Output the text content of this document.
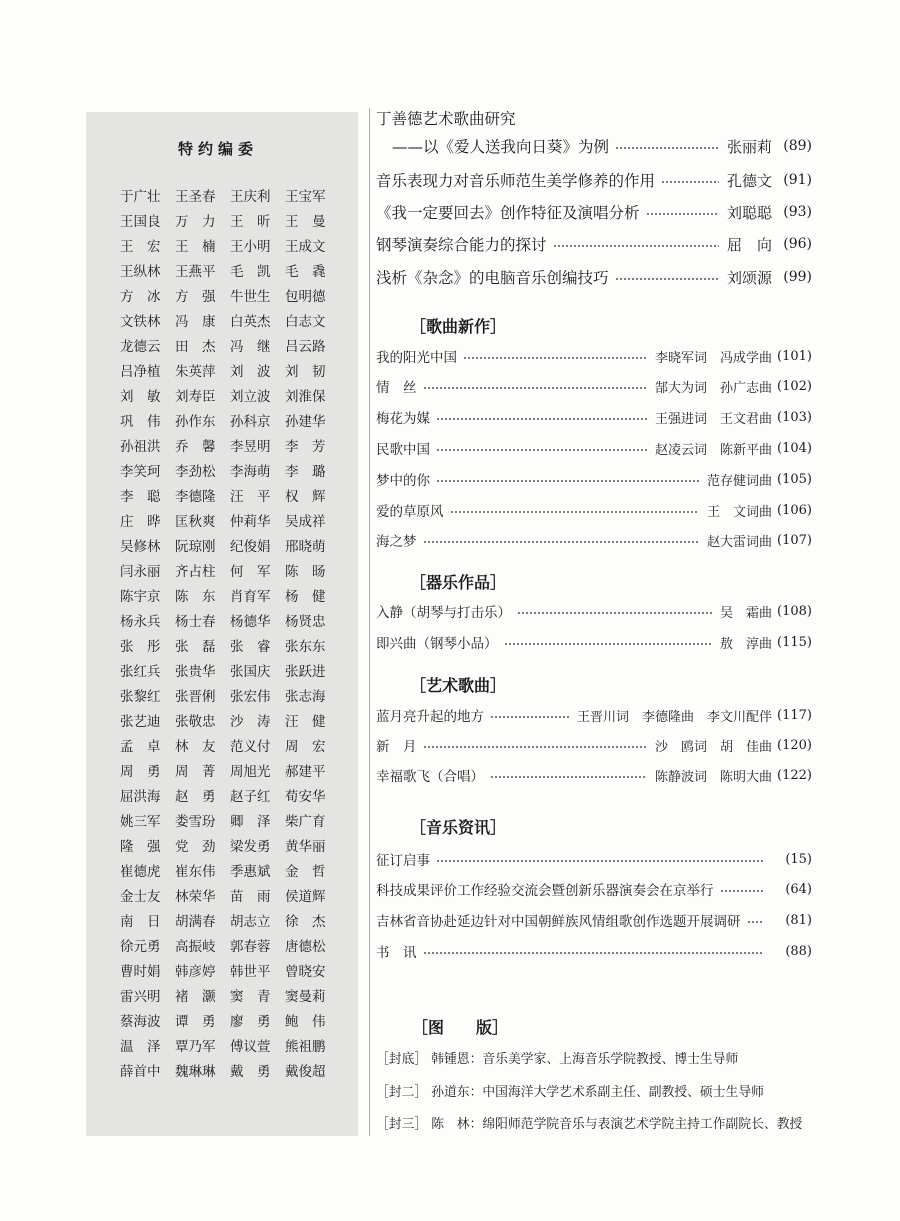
特约编委
于广壮 王圣春 王庆利 王宝军
王国良 万　力 王　昕 王　曼
王　宏 王　楠 王小明 王成文
王纵林 王燕平 毛　凯 毛　毳
方　冰 方　强 牛世生 包明德
文铁林 冯　康 白英杰 白志文
龙德云 田　杰 冯　继 吕云路
吕净植 朱英萍 刘　波 刘　韧
刘　敏 刘寿臣 刘立波 刘淮保
巩　伟 孙作东 孙科京 孙建华
孙祖洪 乔　馨 李昱明 李　芳
李笑珂 李劲松 李海萌 李　璐
李　聪 李德隆 汪　平 权　辉
庄　晔 匡秋爽 仲莉华 吴成祥
吴修林 阮琼刚 纪俊娟 邢晓萌
闫永丽 齐占柱 何　军 陈　旸
陈宇京 陈　东 肖育军 杨　健
杨永兵 杨士春 杨德华 杨贤忠
张　彤 张　磊 张　睿 张东东
张红兵 张贵华 张国庆 张跃进
张黎红 张晋俐 张宏伟 张志海
张艺迪 张敬忠 沙　涛 汪　健
孟　卓 林　友 范义付 周　宏
周　勇 周　菁 周旭光 郝建平
屈洪海 赵　勇 赵子红 荀安华
姚三军 娄雪玢 卿　泽 柴广育
隆　强 党　劲 梁发勇 黄华丽
崔德虎 崔东伟 季惠斌 金　哲
金士友 林荣华 苗　雨 侯道辉
南　日 胡满春 胡志立 徐　杰
徐元勇 高振岐 郭春蓉 唐德松
曹时娟 韩彦婷 韩世平 曾晓安
雷兴明 褚　灏 窦　青 窦曼莉
蔡海波 谭　勇 廖　勇 鲍　伟
温　泽 覃乃军 傅议萱 熊祖鹏
薛首中 魏琳琳 戴　勇 戴俊超
丁善德艺术歌曲研究
——以《爱人送我向日葵》为例	张丽莉 (89)
音乐表现力对音乐师范生美学修养的作用	孔德文 (91)
《我一定要回去》创作特征及演唱分析	刘聪聪 (93)
钢琴演奏综合能力的探讨	屈　向 (96)
浅析《杂念》的电脑音乐创编技巧	刘颂源 (99)
［歌曲新作］
我的阳光中国	李晓军词　冯成学曲 (101)
情　丝	郜大为词　孙广志曲 (102)
梅花为媒	王强进词　王文君曲 (103)
民歌中国	赵凌云词　陈新平曲 (104)
梦中的你	范存健词曲 (105)
爱的草原风	王　文词曲 (106)
海之梦	赵大雷词曲 (107)
［器乐作品］
入静（胡琴与打击乐）	吴　霜曲 (108)
即兴曲（钢琴小品）	敖　淳曲 (115)
［艺术歌曲］
蓝月亮升起的地方	王晋川词　李德隆曲　李文川配伴 (117)
新　月	沙　鸥词　胡　佳曲 (120)
幸福歌飞（合唱）	陈静波词　陈明大曲 (122)
［音乐资讯］
征订启事	(15)
科技成果评价工作经验交流会暨创新乐器演奏会在京举行	(64)
吉林省音协赴延边针对中国朝鲜族风情组歌创作选题开展调研	(81)
书　讯	(88)
［图　　版］
［封底］ 韩锺恩：音乐美学家、上海音乐学院教授、博士生导师
［封二］ 孙道东：中国海洋大学艺术系副主任、副教授、硕士生导师
［封三］ 陈　林：绵阳师范学院音乐与表演艺术学院主持工作副院长、教授
